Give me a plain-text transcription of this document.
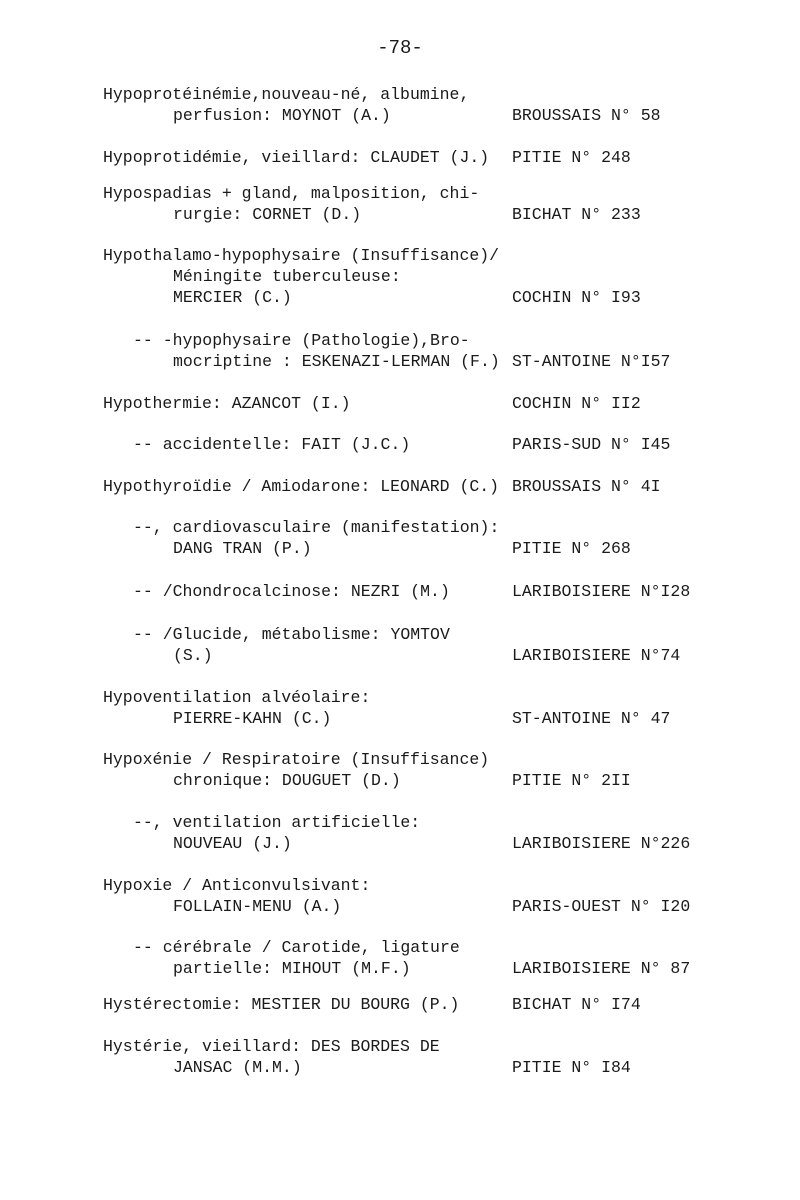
-78-
Hypoprotéinémie,nouveau-né, albumine,
perfusion: MOYNOT (A.)	BROUSSAIS N° 58
Hypoprotidémie, vieillard: CLAUDET (J.) PITIE N° 248
Hypospadias + gland, malposition, chi-
rurgie: CORNET (D.)	BICHAT N° 233
Hypothalamo-hypophysaire (Insuffisance)/
Méningite tuberculeuse:
MERCIER (C.)	COCHIN N° I93
-- -hypophysaire (Pathologie),Bro-
mocriptine : ESKENAZI-LERMAN (F.) ST-ANTOINE N°I57
Hypothermie: AZANCOT (I.)	COCHIN N° II2
-- accidentelle: FAIT (J.C.)	PARIS-SUD N° I45
Hypothyroïdie / Amiodarone: LEONARD (C.) BROUSSAIS N° 4I
--, cardiovasculaire (manifestation):
DANG TRAN (P.)	PITIE N° 268
-- /Chondrocalcinose: NEZRI (M.)	LARIBOISIERE N°I28
-- /Glucide, métabolisme: YOMTOV
(S.)	LARIBOISIERE N°74
Hypoventilation alvéolaire:
PIERRE-KAHN (C.)	ST-ANTOINE N° 47
Hypoxénie / Respiratoire (Insuffisance)
chronique: DOUGUET (D.)	PITIE N° 2II
--, ventilation artificielle:
NOUVEAU (J.)	LARIBOISIERE N°226
Hypoxie / Anticonvulsivant:
FOLLAIN-MENU (A.)	PARIS-OUEST N° I20
-- cérébrale / Carotide, ligature
partielle: MIHOUT (M.F.)	LARIBOISIERE N° 87
Hystérectomie: MESTIER DU BOURG (P.)	BICHAT N° I74
Hystérie, vieillard: DES BORDES DE
JANSAC (M.M.)	PITIE N° I84
